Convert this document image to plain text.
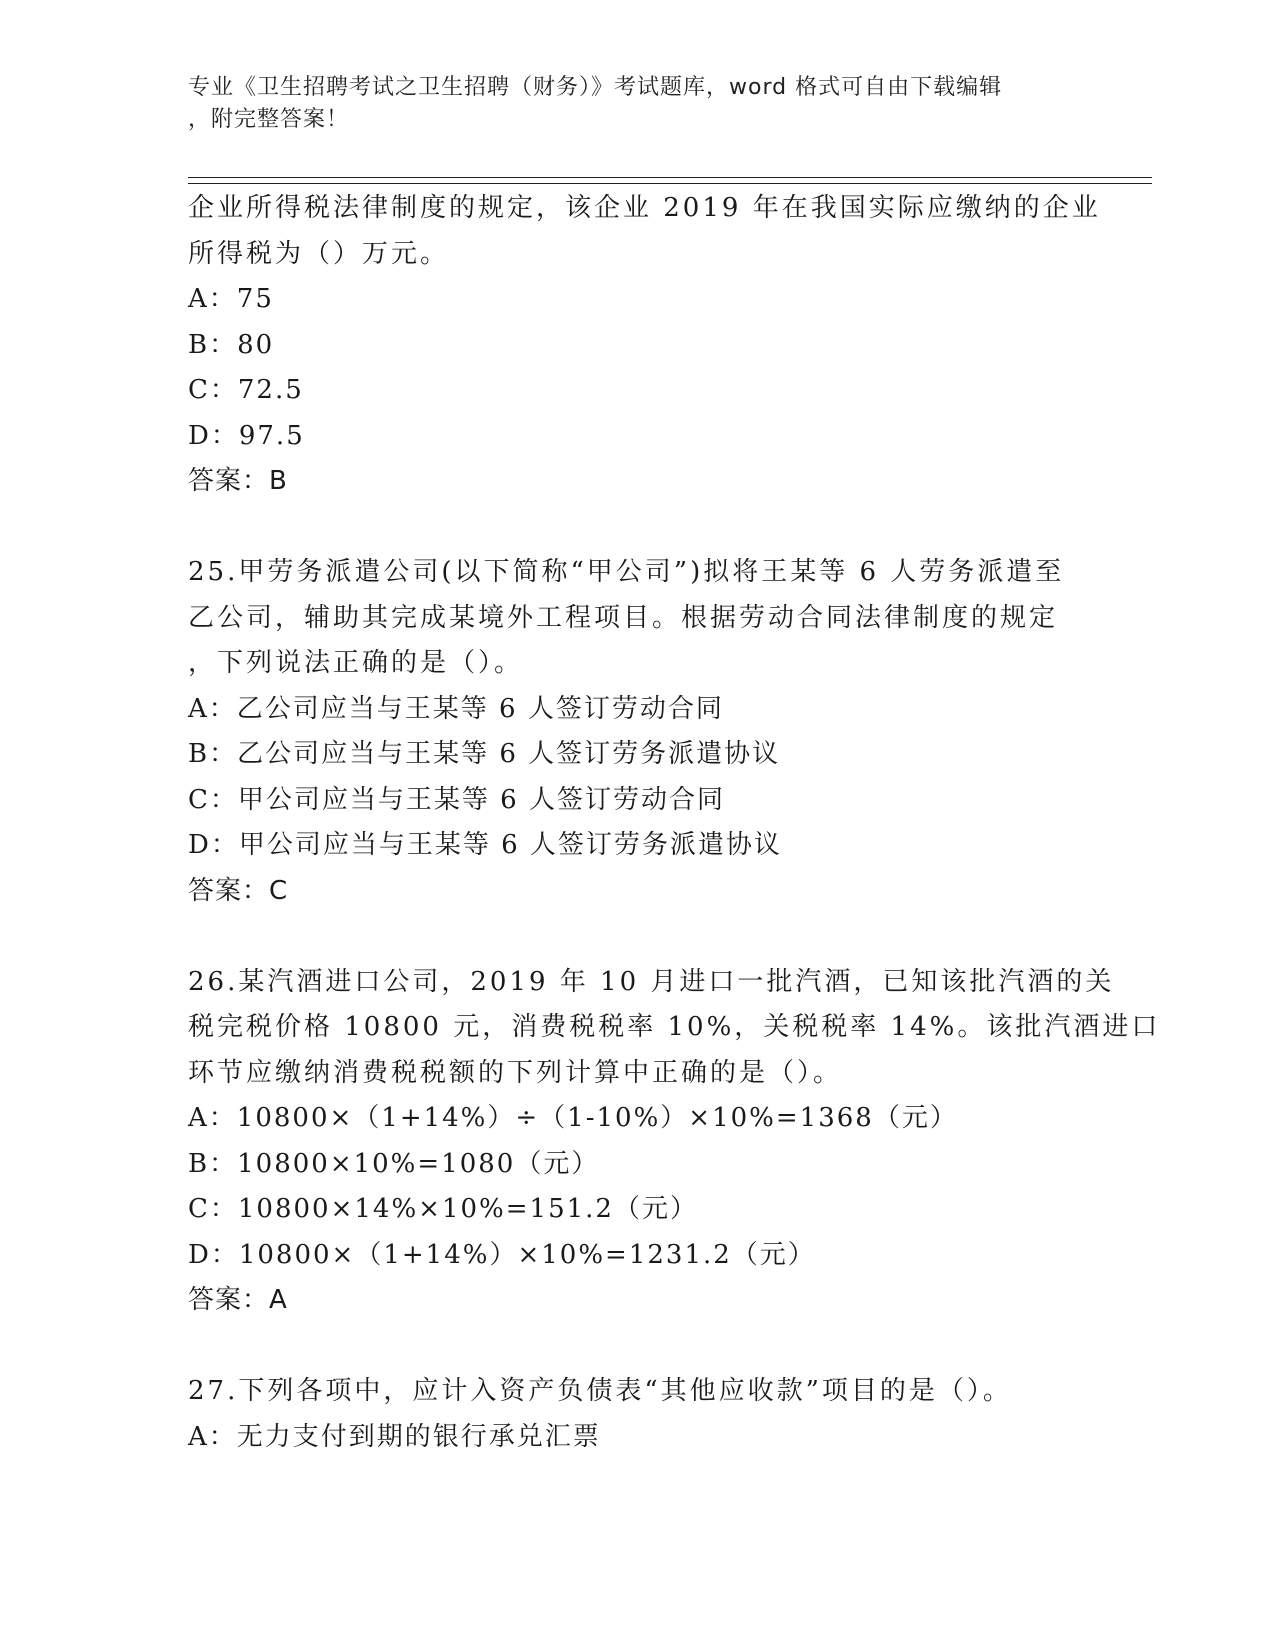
专业《卫生招聘考试之卫生招聘（财务）》考试题库，word 格式可自由下载编辑
，附完整答案！
企业所得税法律制度的规定，该企业 2019 年在我国实际应缴纳的企业
所得税为（）万元。
A：75
B：80
C：72.5
D：97.5
答案：B
25.甲劳务派遣公司(以下简称“甲公司”)拟将王某等 6 人劳务派遣至
乙公司，辅助其完成某境外工程项目。根据劳动合同法律制度的规定
，下列说法正确的是（）。
A：乙公司应当与王某等 6 人签订劳动合同
B：乙公司应当与王某等 6 人签订劳务派遣协议
C：甲公司应当与王某等 6 人签订劳动合同
D：甲公司应当与王某等 6 人签订劳务派遣协议
答案：C
26.某汽酒进口公司，2019 年 10 月进口一批汽酒，已知该批汽酒的关
税完税价格 10800 元，消费税税率 10%，关税税率 14%。该批汽酒进口
环节应缴纳消费税税额的下列计算中正确的是（）。
A：10800×（1+14%）÷（1-10%）×10%=1368（元）
B：10800×10%=1080（元）
C：10800×14%×10%=151.2（元）
D：10800×（1+14%）×10%=1231.2（元）
答案：A
27.下列各项中，应计入资产负债表“其他应收款”项目的是（）。
A：无力支付到期的银行承兑汇票
